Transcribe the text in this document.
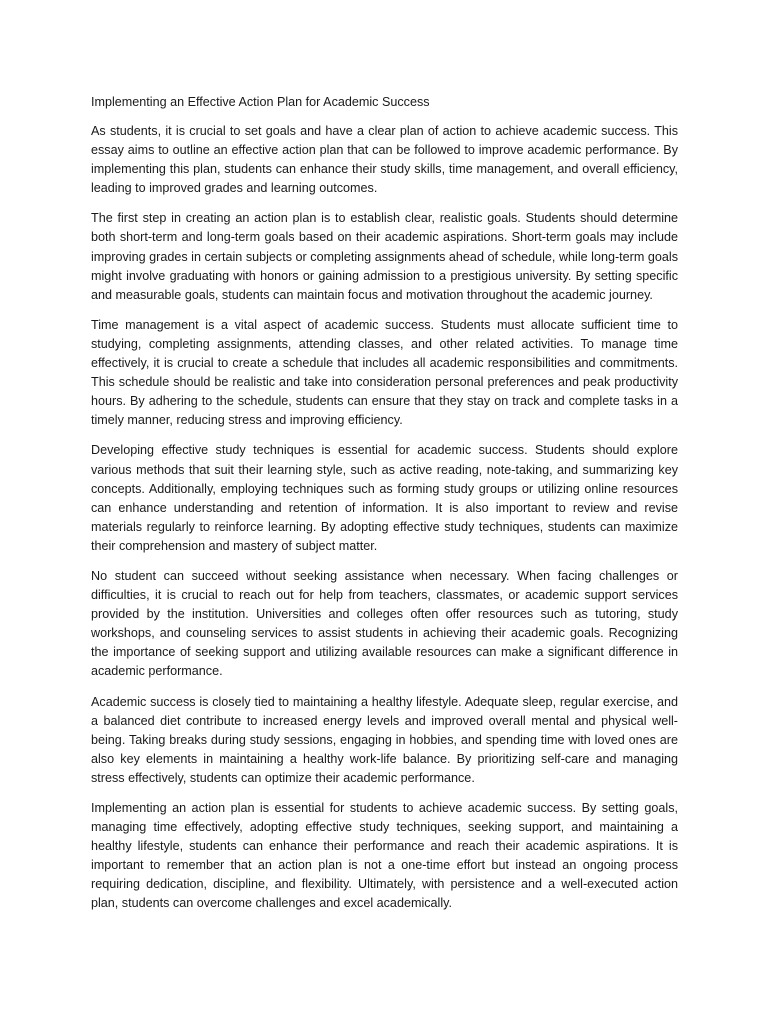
Implementing an Effective Action Plan for Academic Success

As students, it is crucial to set goals and have a clear plan of action to achieve academic success. This essay aims to outline an effective action plan that can be followed to improve academic performance. By implementing this plan, students can enhance their study skills, time management, and overall efficiency, leading to improved grades and learning outcomes.

The first step in creating an action plan is to establish clear, realistic goals. Students should determine both short-term and long-term goals based on their academic aspirations. Short-term goals may include improving grades in certain subjects or completing assignments ahead of schedule, while long-term goals might involve graduating with honors or gaining admission to a prestigious university. By setting specific and measurable goals, students can maintain focus and motivation throughout the academic journey.

Time management is a vital aspect of academic success. Students must allocate sufficient time to studying, completing assignments, attending classes, and other related activities. To manage time effectively, it is crucial to create a schedule that includes all academic responsibilities and commitments. This schedule should be realistic and take into consideration personal preferences and peak productivity hours. By adhering to the schedule, students can ensure that they stay on track and complete tasks in a timely manner, reducing stress and improving efficiency.

Developing effective study techniques is essential for academic success. Students should explore various methods that suit their learning style, such as active reading, note-taking, and summarizing key concepts. Additionally, employing techniques such as forming study groups or utilizing online resources can enhance understanding and retention of information. It is also important to review and revise materials regularly to reinforce learning. By adopting effective study techniques, students can maximize their comprehension and mastery of subject matter.

No student can succeed without seeking assistance when necessary. When facing challenges or difficulties, it is crucial to reach out for help from teachers, classmates, or academic support services provided by the institution. Universities and colleges often offer resources such as tutoring, study workshops, and counseling services to assist students in achieving their academic goals. Recognizing the importance of seeking support and utilizing available resources can make a significant difference in academic performance.

Academic success is closely tied to maintaining a healthy lifestyle. Adequate sleep, regular exercise, and a balanced diet contribute to increased energy levels and improved overall mental and physical well-being. Taking breaks during study sessions, engaging in hobbies, and spending time with loved ones are also key elements in maintaining a healthy work-life balance. By prioritizing self-care and managing stress effectively, students can optimize their academic performance.

Implementing an action plan is essential for students to achieve academic success. By setting goals, managing time effectively, adopting effective study techniques, seeking support, and maintaining a healthy lifestyle, students can enhance their performance and reach their academic aspirations. It is important to remember that an action plan is not a one-time effort but instead an ongoing process requiring dedication, discipline, and flexibility. Ultimately, with persistence and a well-executed action plan, students can overcome challenges and excel academically.
